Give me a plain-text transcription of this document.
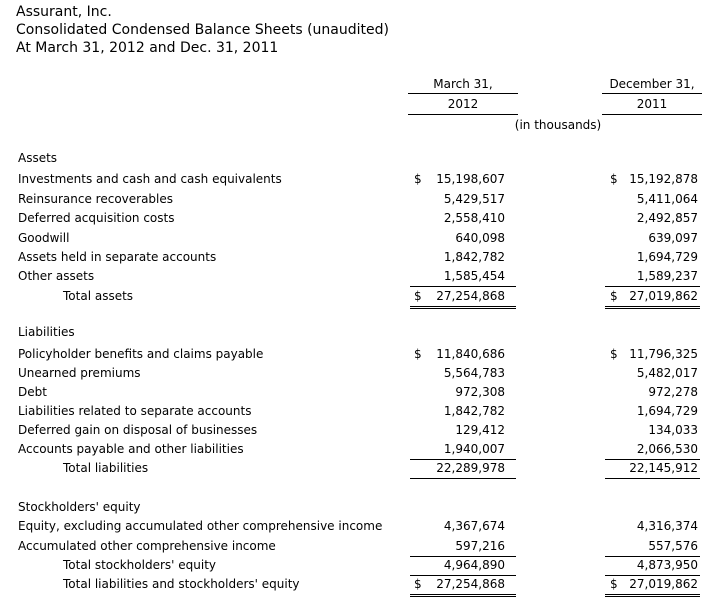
Assurant, Inc.
Consolidated Condensed Balance Sheets (unaudited)
At March 31, 2012 and Dec. 31, 2011
March 31,
2012
December 31,
2011
(in thousands)
Assets
Investments and cash and cash equivalents	$ 15,198,607	$ 15,192,878
Reinsurance recoverables	5,429,517	5,411,064
Deferred acquisition costs	2,558,410	2,492,857
Goodwill	640,098	639,097
Assets held in separate accounts	1,842,782	1,694,729
Other assets	1,585,454	1,589,237
Total assets	$ 27,254,868	$ 27,019,862
Liabilities
Policyholder benefits and claims payable	$ 11,840,686	$ 11,796,325
Unearned premiums	5,564,783	5,482,017
Debt	972,308	972,278
Liabilities related to separate accounts	1,842,782	1,694,729
Deferred gain on disposal of businesses	129,412	134,033
Accounts payable and other liabilities	1,940,007	2,066,530
Total liabilities	22,289,978	22,145,912
Stockholders' equity
Equity, excluding accumulated other comprehensive income	4,367,674	4,316,374
Accumulated other comprehensive income	597,216	557,576
Total stockholders' equity	4,964,890	4,873,950
Total liabilities and stockholders' equity	$ 27,254,868	$ 27,019,862
